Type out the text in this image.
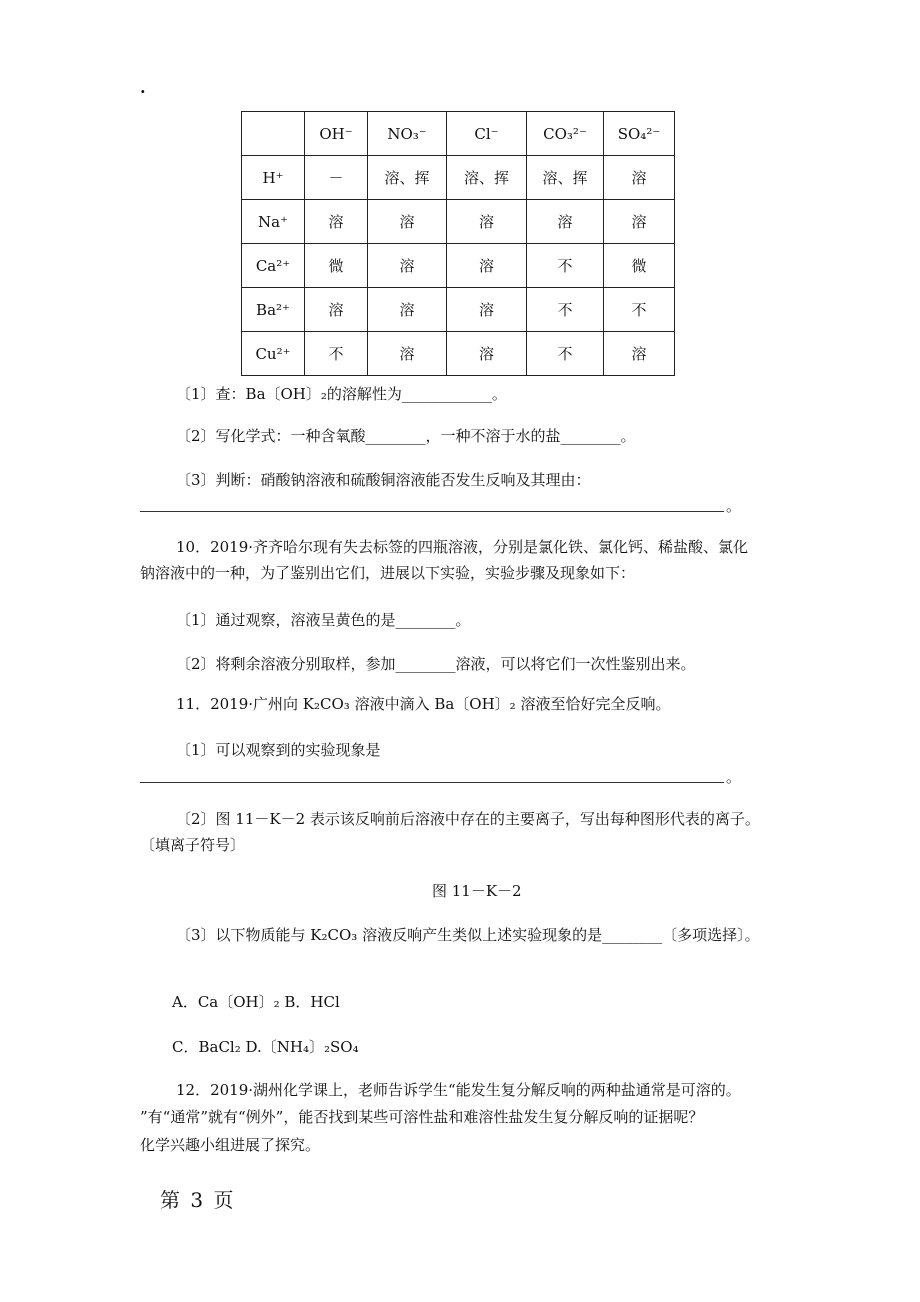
.
	OH⁻	NO₃⁻	Cl⁻	CO₃²⁻	SO₄²⁻
H⁺	－	溶、挥	溶、挥	溶、挥	溶
Na⁺	溶	溶	溶	溶	溶
Ca²⁺	微	溶	溶	不	微
Ba²⁺	溶	溶	溶	不	不
Cu²⁺	不	溶	溶	不	溶
〔1〕查：Ba〔OH〕₂的溶解性为____________。
〔2〕写化学式：一种含氧酸________，一种不溶于水的盐________。
〔3〕判断：硝酸钠溶液和硫酸铜溶液能否发生反响及其理由：
。
10．2019·齐齐哈尔现有失去标签的四瓶溶液，分别是氯化铁、氯化钙、稀盐酸、氯化
钠溶液中的一种，为了鉴别出它们，进展以下实验，实验步骤及现象如下：
〔1〕通过观察，溶液呈黄色的是________。
〔2〕将剩余溶液分别取样，参加________溶液，可以将它们一次性鉴别出来。
11．2019·广州向 K₂CO₃ 溶液中滴入 Ba〔OH〕₂ 溶液至恰好完全反响。
〔1〕可以观察到的实验现象是
。
〔2〕图 11－K－2 表示该反响前后溶液中存在的主要离子，写出每种图形代表的离子。
〔填离子符号〕
图 11－K－2
〔3〕以下物质能与 K₂CO₃ 溶液反响产生类似上述实验现象的是________〔多项选择〕。
A．Ca〔OH〕₂ B．HCl
C．BaCl₂ D.〔NH₄〕₂SO₄
12．2019·湖州化学课上，老师告诉学生“能发生复分解反响的两种盐通常是可溶的。
”有“通常”就有“例外”，能否找到某些可溶性盐和难溶性盐发生复分解反响的证据呢？
化学兴趣小组进展了探究。
第 3 页
